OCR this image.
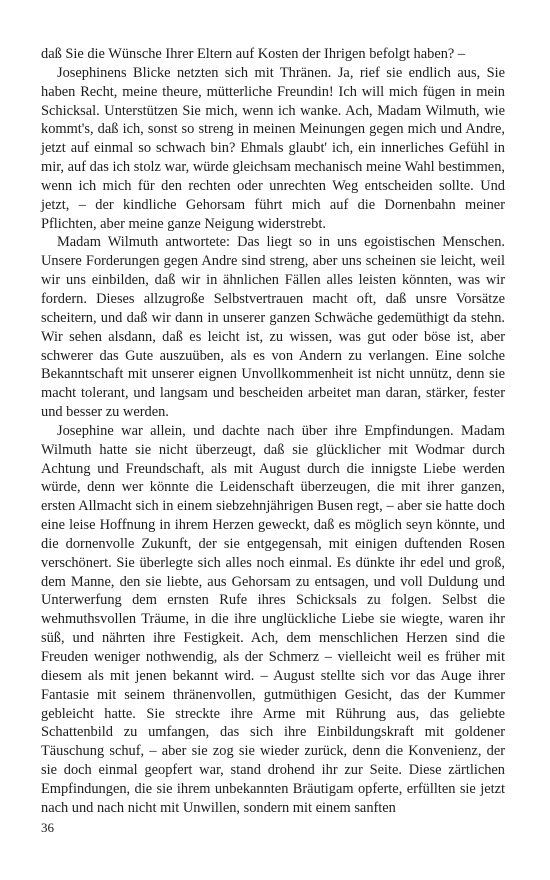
daß Sie die Wünsche Ihrer Eltern auf Kosten der Ihrigen befolgt haben? –

Josephinens Blicke netzten sich mit Thränen. Ja, rief sie endlich aus, Sie haben Recht, meine theure, mütterliche Freundin! Ich will mich fügen in mein Schicksal. Unterstützen Sie mich, wenn ich wanke. Ach, Madam Wilmuth, wie kommt's, daß ich, sonst so streng in meinen Meinungen gegen mich und Andre, jetzt auf einmal so schwach bin? Ehmals glaubt' ich, ein innerliches Gefühl in mir, auf das ich stolz war, würde gleichsam mechanisch meine Wahl bestimmen, wenn ich mich für den rechten oder unrechten Weg entscheiden sollte. Und jetzt, – der kindliche Gehorsam führt mich auf die Dornenbahn meiner Pflichten, aber meine ganze Neigung widerstrebt.

Madam Wilmuth antwortete: Das liegt so in uns egoistischen Menschen. Unsere Forderungen gegen Andre sind streng, aber uns scheinen sie leicht, weil wir uns einbilden, daß wir in ähnlichen Fällen alles leisten könnten, was wir fordern. Dieses allzugroße Selbstvertrauen macht oft, daß unsre Vorsätze scheitern, und daß wir dann in unserer ganzen Schwäche gedemüthigt da stehn. Wir sehen alsdann, daß es leicht ist, zu wissen, was gut oder böse ist, aber schwerer das Gute auszuüben, als es von Andern zu verlangen. Eine solche Bekanntschaft mit unserer eignen Unvollkommenheit ist nicht unnütz, denn sie macht tolerant, und langsam und bescheiden arbeitet man daran, stärker, fester und besser zu werden.

Josephine war allein, und dachte nach über ihre Empfindungen. Madam Wilmuth hatte sie nicht überzeugt, daß sie glücklicher mit Wodmar durch Achtung und Freundschaft, als mit August durch die innigste Liebe werden würde, denn wer könnte die Leidenschaft überzeugen, die mit ihrer ganzen, ersten Allmacht sich in einem siebzehnjährigen Busen regt, – aber sie hatte doch eine leise Hoffnung in ihrem Herzen geweckt, daß es möglich seyn könnte, und die dornenvolle Zukunft, der sie entgegensah, mit einigen duftenden Rosen verschönert. Sie überlegte sich alles noch einmal. Es dünkte ihr edel und groß, dem Manne, den sie liebte, aus Gehorsam zu entsagen, und voll Duldung und Unterwerfung dem ernsten Rufe ihres Schicksals zu folgen. Selbst die wehmuthsvollen Träume, in die ihre unglückliche Liebe sie wiegte, waren ihr süß, und nährten ihre Festigkeit. Ach, dem menschlichen Herzen sind die Freuden weniger nothwendig, als der Schmerz – vielleicht weil es früher mit diesem als mit jenen bekannt wird. – August stellte sich vor das Auge ihrer Fantasie mit seinem thränenvollen, gutmüthigen Gesicht, das der Kummer gebleicht hatte. Sie streckte ihre Arme mit Rührung aus, das geliebte Schattenbild zu umfangen, das sich ihre Einbildungskraft mit goldener Täuschung schuf, – aber sie zog sie wieder zurück, denn die Konvenienz, der sie doch einmal geopfert war, stand drohend ihr zur Seite. Diese zärtlichen Empfindungen, die sie ihrem unbekannten Bräutigam opferte, erfüllten sie jetzt nach und nach nicht mit Unwillen, sondern mit einem sanften

36
